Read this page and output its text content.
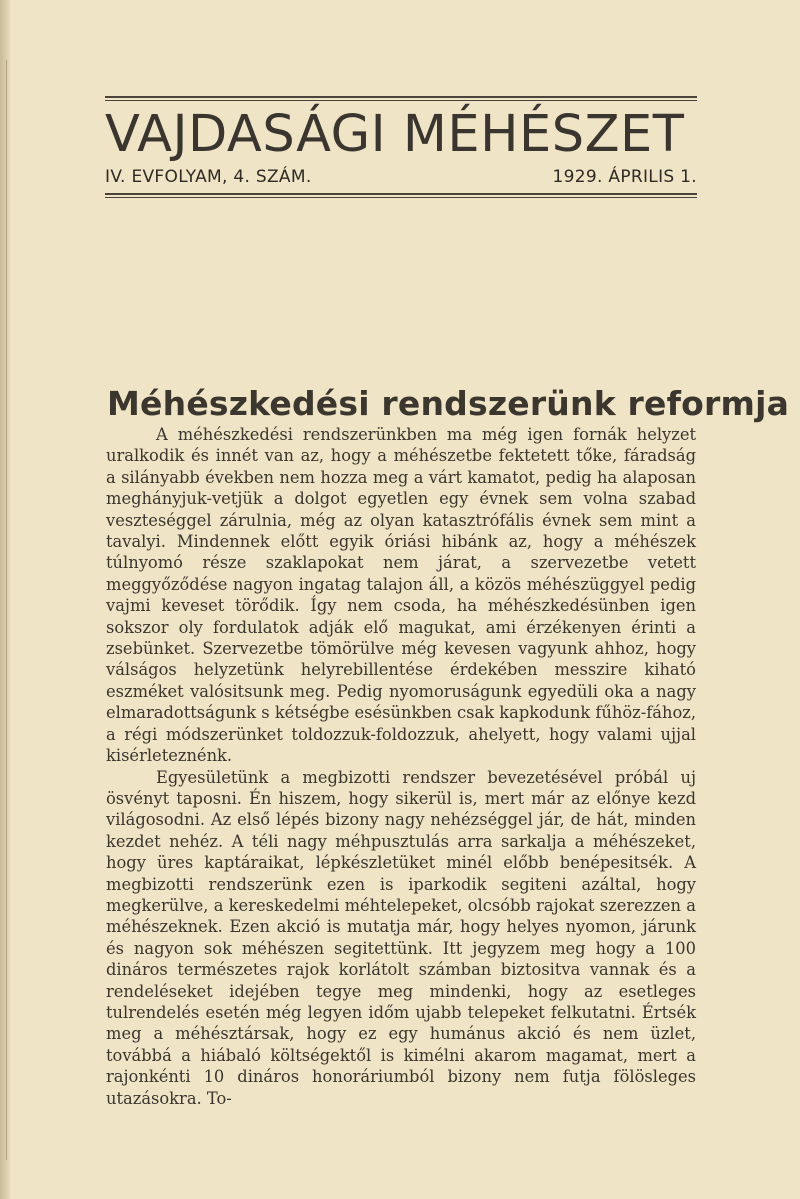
VAJDASÁGI MÉHÉSZET
IV. EVFOLYAM, 4. SZÁM.	1929. ÁPRILIS 1.
Méhészkedési rendszerünk reformja

A méhészkedési rendszerünkben ma még igen fornák helyzet uralkodik és innét van az, hogy a méhészetbe fektetett tőke, fáradság a silányabb években nem hozza meg a várt kamatot, pedig ha alaposan meghányjuk-vetjük a dolgot egyetlen egy évnek sem volna szabad veszteséggel zárulnia, még az olyan katasztrófális évnek sem mint a tavalyi. Mindennek előtt egyik óriási hibánk az, hogy a méhészek túlnyomó része szaklapokat nem járat, a szervezetbe vetett meggyőződése nagyon ingatag talajon áll, a közös méhészüggyel pedig vajmi keveset törődik. Így nem csoda, ha méhészkedésünben igen sokszor oly fordulatok adják elő magukat, ami érzékenyen érinti a zsebünket. Szervezetbe tömörülve még kevesen vagyunk ahhoz, hogy válságos helyzetünk helyrebillentése érdekében messzire kiható eszméket valósitsunk meg. Pedig nyomoruságunk egyedüli oka a nagy elmaradottságunk s kétségbe esésünkben csak kapkodunk fűhöz-fához, a régi módszerünket toldozzuk-foldozzuk, ahelyett, hogy valami ujjal kisérleteznénk.

Egyesületünk a megbizotti rendszer bevezetésével próbál uj ösvényt taposni. Én hiszem, hogy sikerül is, mert már az előnye kezd világosodni. Az első lépés bizony nagy nehézséggel jár, de hát, minden kezdet nehéz. A téli nagy méhpusztulás arra sarkalja a méhészeket, hogy üres kaptáraikat, lépkészletüket minél előbb benépesitsék. A megbizotti rendszerünk ezen is iparkodik segiteni azáltal, hogy megkerülve, a kereskedelmi méhtelepeket, olcsóbb rajokat szerezzen a méhészeknek. Ezen akció is mutatja már, hogy helyes nyomon, járunk és nagyon sok méhészen segitettünk. Itt jegyzem meg hogy a 100 dináros természetes rajok korlátolt számban biztositva vannak és a rendeléseket idejében tegye meg mindenki, hogy az esetleges tulrendelés esetén még legyen időm ujabb telepeket felkutatni. Értsék meg a méhésztársak, hogy ez egy humánus akció és nem üzlet, továbbá a hiábaló költségektől is kimélni akarom magamat, mert a rajonkénti 10 dináros honoráriumból bizony nem futja fölösleges utazásokra. To-
